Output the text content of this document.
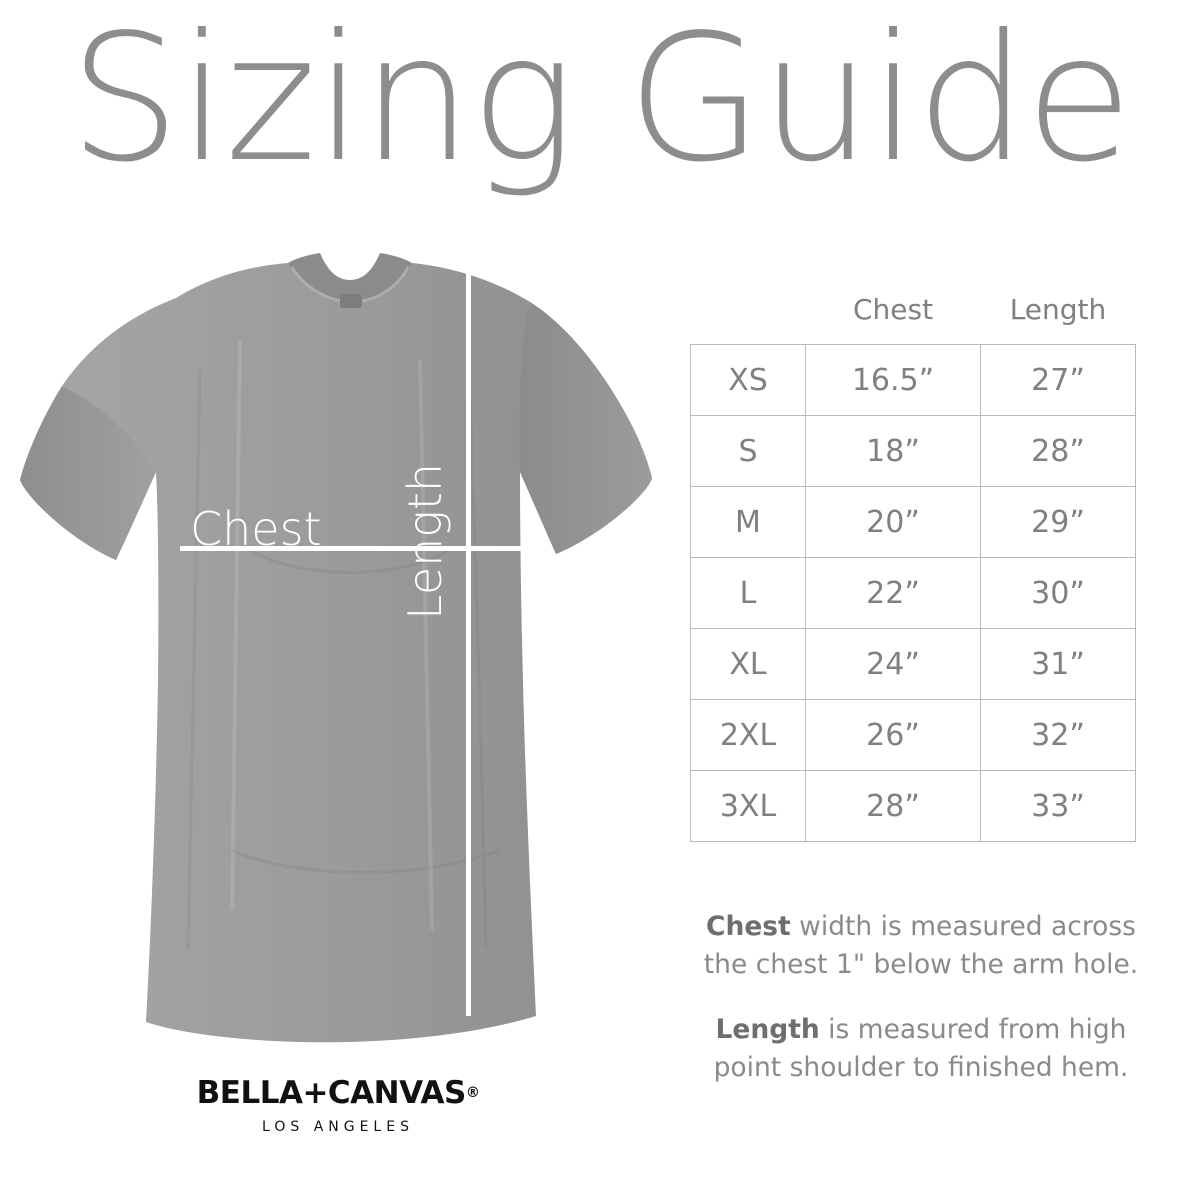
Sizing Guide
Chest Length
BELLA+CANVAS®
LOS ANGELES
	Chest	Length
XS	16.5”	27”
S	18”	28”
M	20”	29”
L	22”	30”
XL	24”	31”
2XL	26”	32”
3XL	28”	33”

Chest width is measured across the chest 1" below the arm hole.

Length is measured from high point shoulder to finished hem.
